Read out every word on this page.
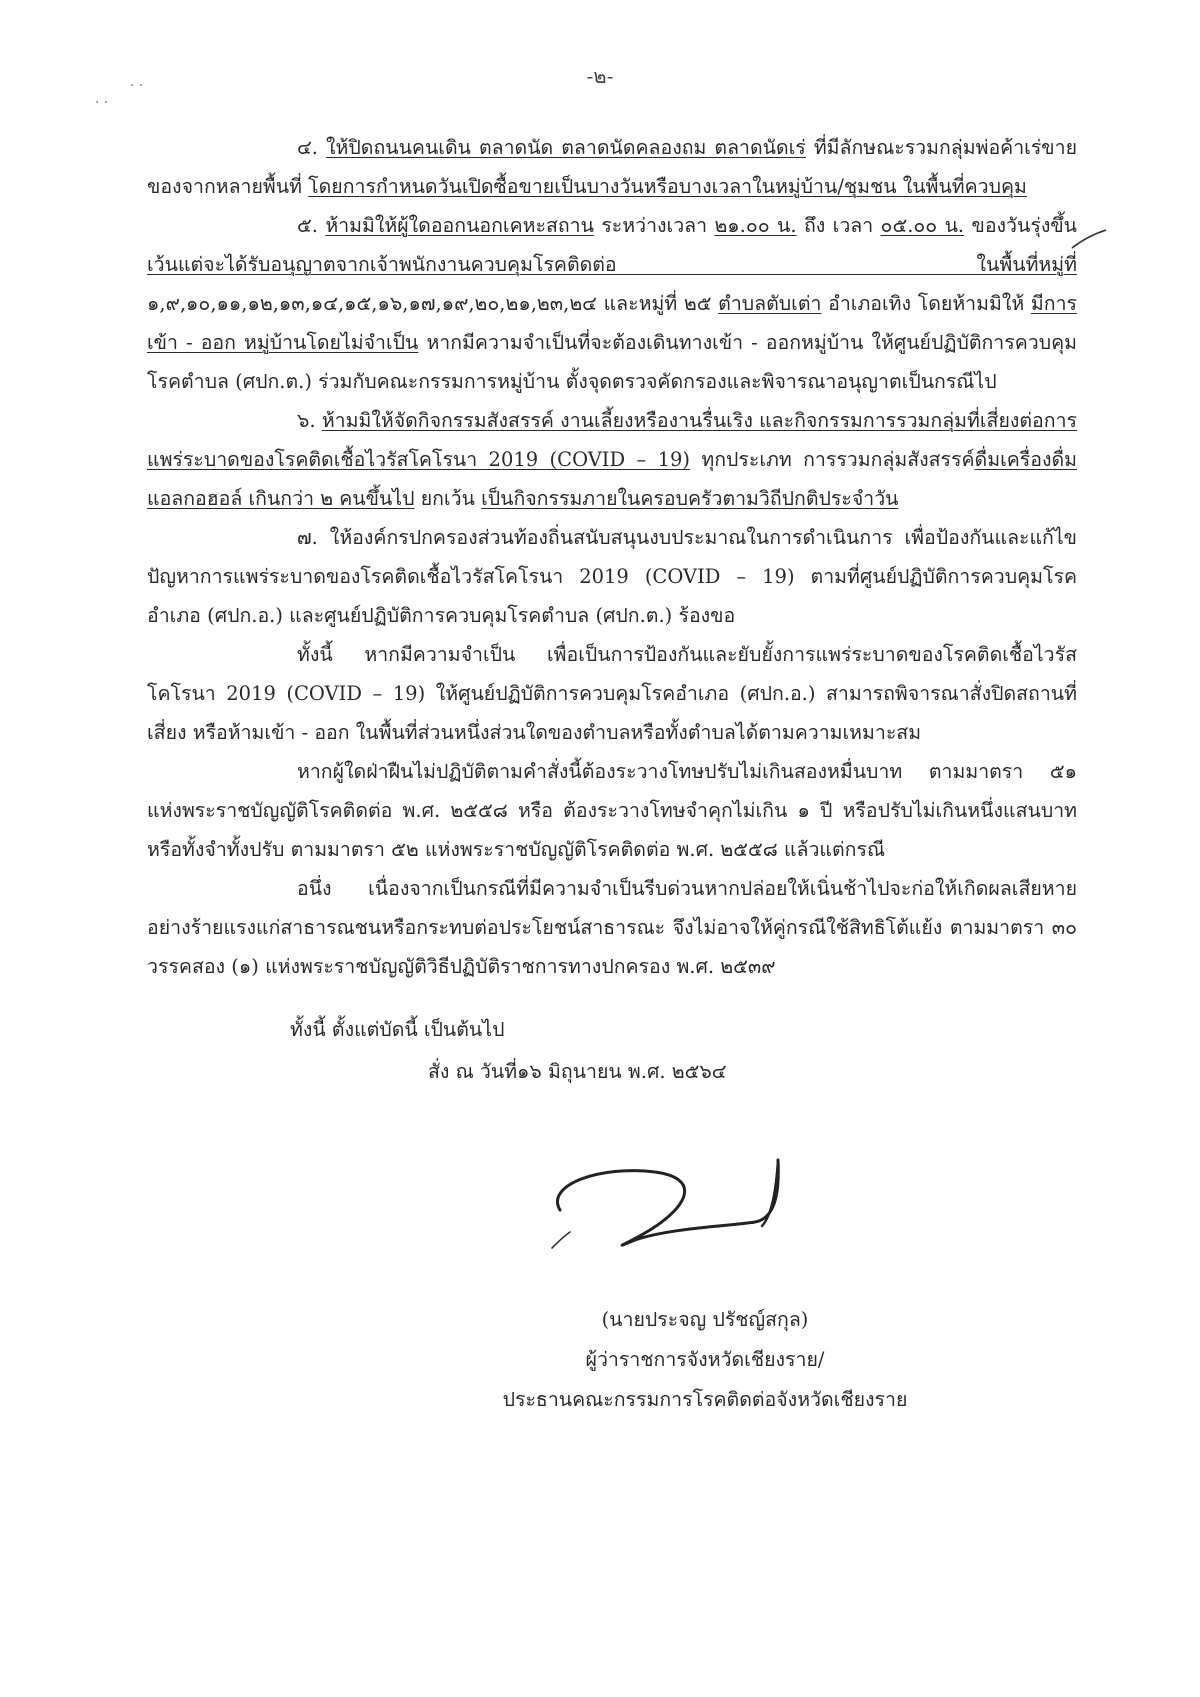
-๒-
· ·
· ·

๔. ให้ปิดถนนคนเดิน ตลาดนัด ตลาดนัดคลองถม ตลาดนัดเร่ ที่มีลักษณะรวมกลุ่มพ่อค้าเร่ขายของจากหลายพื้นที่ โดยการกำหนดวันเปิดซื้อขายเป็นบางวันหรือบางเวลาในหมู่บ้าน/ชุมชน ในพื้นที่ควบคุม

๕. ห้ามมิให้ผู้ใดออกนอกเคหะสถาน ระหว่างเวลา ๒๑.๐๐ น. ถึง เวลา ๐๕.๐๐ น. ของวันรุ่งขึ้น เว้นแต่จะได้รับอนุญาตจากเจ้าพนักงานควบคุมโรคติดต่อ ในพื้นที่หมู่ที่ ๑,๙,๑๐,๑๑,๑๒,๑๓,๑๔,๑๕,๑๖,๑๗,๑๙,๒๐,๒๑,๒๓,๒๔ และหมู่ที่ ๒๕ ตำบลตับเต่า อำเภอเทิง โดยห้ามมิให้ มีการเข้า - ออก หมู่บ้านโดยไม่จำเป็น หากมีความจำเป็นที่จะต้องเดินทางเข้า - ออกหมู่บ้าน ให้ศูนย์ปฏิบัติการควบคุมโรคตำบล (ศปก.ต.) ร่วมกับคณะกรรมการหมู่บ้าน ตั้งจุดตรวจคัดกรองและพิจารณาอนุญาตเป็นกรณีไป

๖. ห้ามมิให้จัดกิจกรรมสังสรรค์ งานเลี้ยงหรืองานรื่นเริง และกิจกรรมการรวมกลุ่มที่เสี่ยงต่อการแพร่ระบาดของโรคติดเชื้อไวรัสโคโรนา 2019 (COVID – 19) ทุกประเภท การรวมกลุ่มสังสรรค์ดื่มเครื่องดื่มแอลกอฮอล์ เกินกว่า ๒ คนขึ้นไป ยกเว้น เป็นกิจกรรมภายในครอบครัวตามวิถีปกติประจำวัน

๗. ให้องค์กรปกครองส่วนท้องถิ่นสนับสนุนงบประมาณในการดำเนินการ เพื่อป้องกันและแก้ไขปัญหาการแพร่ระบาดของโรคติดเชื้อไวรัสโคโรนา 2019 (COVID – 19) ตามที่ศูนย์ปฏิบัติการควบคุมโรคอำเภอ (ศปก.อ.) และศูนย์ปฏิบัติการควบคุมโรคตำบล (ศปก.ต.) ร้องขอ

ทั้งนี้ หากมีความจำเป็น เพื่อเป็นการป้องกันและยับยั้งการแพร่ระบาดของโรคติดเชื้อไวรัสโคโรนา 2019 (COVID – 19) ให้ศูนย์ปฏิบัติการควบคุมโรคอำเภอ (ศปก.อ.) สามารถพิจารณาสั่งปิดสถานที่เสี่ยง หรือห้ามเข้า - ออก ในพื้นที่ส่วนหนึ่งส่วนใดของตำบลหรือทั้งตำบลได้ตามความเหมาะสม

หากผู้ใดฝ่าฝืนไม่ปฏิบัติตามคำสั่งนี้ต้องระวางโทษปรับไม่เกินสองหมื่นบาท ตามมาตรา ๕๑ แห่งพระราชบัญญัติโรคติดต่อ พ.ศ. ๒๕๕๘ หรือ ต้องระวางโทษจำคุกไม่เกิน ๑ ปี หรือปรับไม่เกินหนึ่งแสนบาท หรือทั้งจำทั้งปรับ ตามมาตรา ๕๒ แห่งพระราชบัญญัติโรคติดต่อ พ.ศ. ๒๕๕๘ แล้วแต่กรณี

อนึ่ง เนื่องจากเป็นกรณีที่มีความจำเป็นรีบด่วนหากปล่อยให้เนิ่นช้าไปจะก่อให้เกิดผลเสียหายอย่างร้ายแรงแก่สาธารณชนหรือกระทบต่อประโยชน์สาธารณะ จึงไม่อาจให้คู่กรณีใช้สิทธิโต้แย้ง ตามมาตรา ๓๐ วรรคสอง (๑) แห่งพระราชบัญญัติวิธีปฏิบัติราชการทางปกครอง พ.ศ. ๒๕๓๙

ทั้งนี้ ตั้งแต่บัดนี้ เป็นต้นไป
สั่ง ณ วันที่๑๖ มิถุนายน พ.ศ. ๒๕๖๔
(นายประจญ ปรัชญ์สกุล)
ผู้ว่าราชการจังหวัดเชียงราย/
ประธานคณะกรรมการโรคติดต่อจังหวัดเชียงราย
